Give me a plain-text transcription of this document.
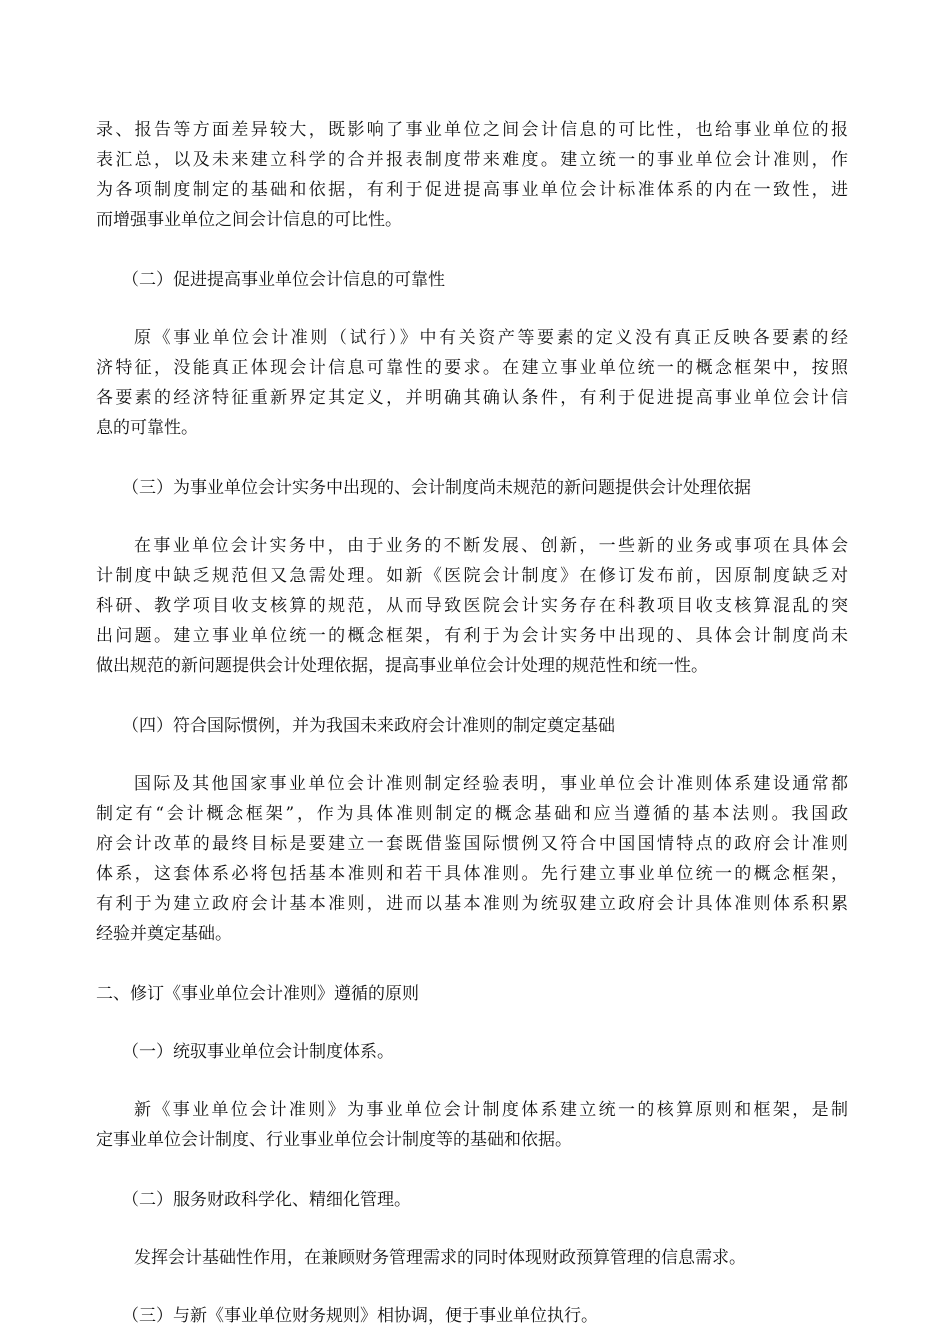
录、报告等方面差异较大，既影响了事业单位之间会计信息的可比性，也给事业单位的报
表汇总，以及未来建立科学的合并报表制度带来难度。建立统一的事业单位会计准则，作
为各项制度制定的基础和依据，有利于促进提高事业单位会计标准体系的内在一致性，进
而增强事业单位之间会计信息的可比性。
（二）促进提高事业单位会计信息的可靠性
原《事业单位会计准则（试行）》中有关资产等要素的定义没有真正反映各要素的经
济特征，没能真正体现会计信息可靠性的要求。在建立事业单位统一的概念框架中，按照
各要素的经济特征重新界定其定义，并明确其确认条件，有利于促进提高事业单位会计信
息的可靠性。
（三）为事业单位会计实务中出现的、会计制度尚未规范的新问题提供会计处理依据
在事业单位会计实务中，由于业务的不断发展、创新，一些新的业务或事项在具体会
计制度中缺乏规范但又急需处理。如新《医院会计制度》在修订发布前，因原制度缺乏对
科研、教学项目收支核算的规范，从而导致医院会计实务存在科教项目收支核算混乱的突
出问题。建立事业单位统一的概念框架，有利于为会计实务中出现的、具体会计制度尚未
做出规范的新问题提供会计处理依据，提高事业单位会计处理的规范性和统一性。
（四）符合国际惯例，并为我国未来政府会计准则的制定奠定基础
国际及其他国家事业单位会计准则制定经验表明，事业单位会计准则体系建设通常都
制定有“会计概念框架”，作为具体准则制定的概念基础和应当遵循的基本法则。我国政
府会计改革的最终目标是要建立一套既借鉴国际惯例又符合中国国情特点的政府会计准则
体系，这套体系必将包括基本准则和若干具体准则。先行建立事业单位统一的概念框架，
有利于为建立政府会计基本准则，进而以基本准则为统驭建立政府会计具体准则体系积累
经验并奠定基础。
二、修订《事业单位会计准则》遵循的原则
（一）统驭事业单位会计制度体系。
新《事业单位会计准则》为事业单位会计制度体系建立统一的核算原则和框架，是制
定事业单位会计制度、行业事业单位会计制度等的基础和依据。
（二）服务财政科学化、精细化管理。
发挥会计基础性作用，在兼顾财务管理需求的同时体现财政预算管理的信息需求。
（三）与新《事业单位财务规则》相协调，便于事业单位执行。
